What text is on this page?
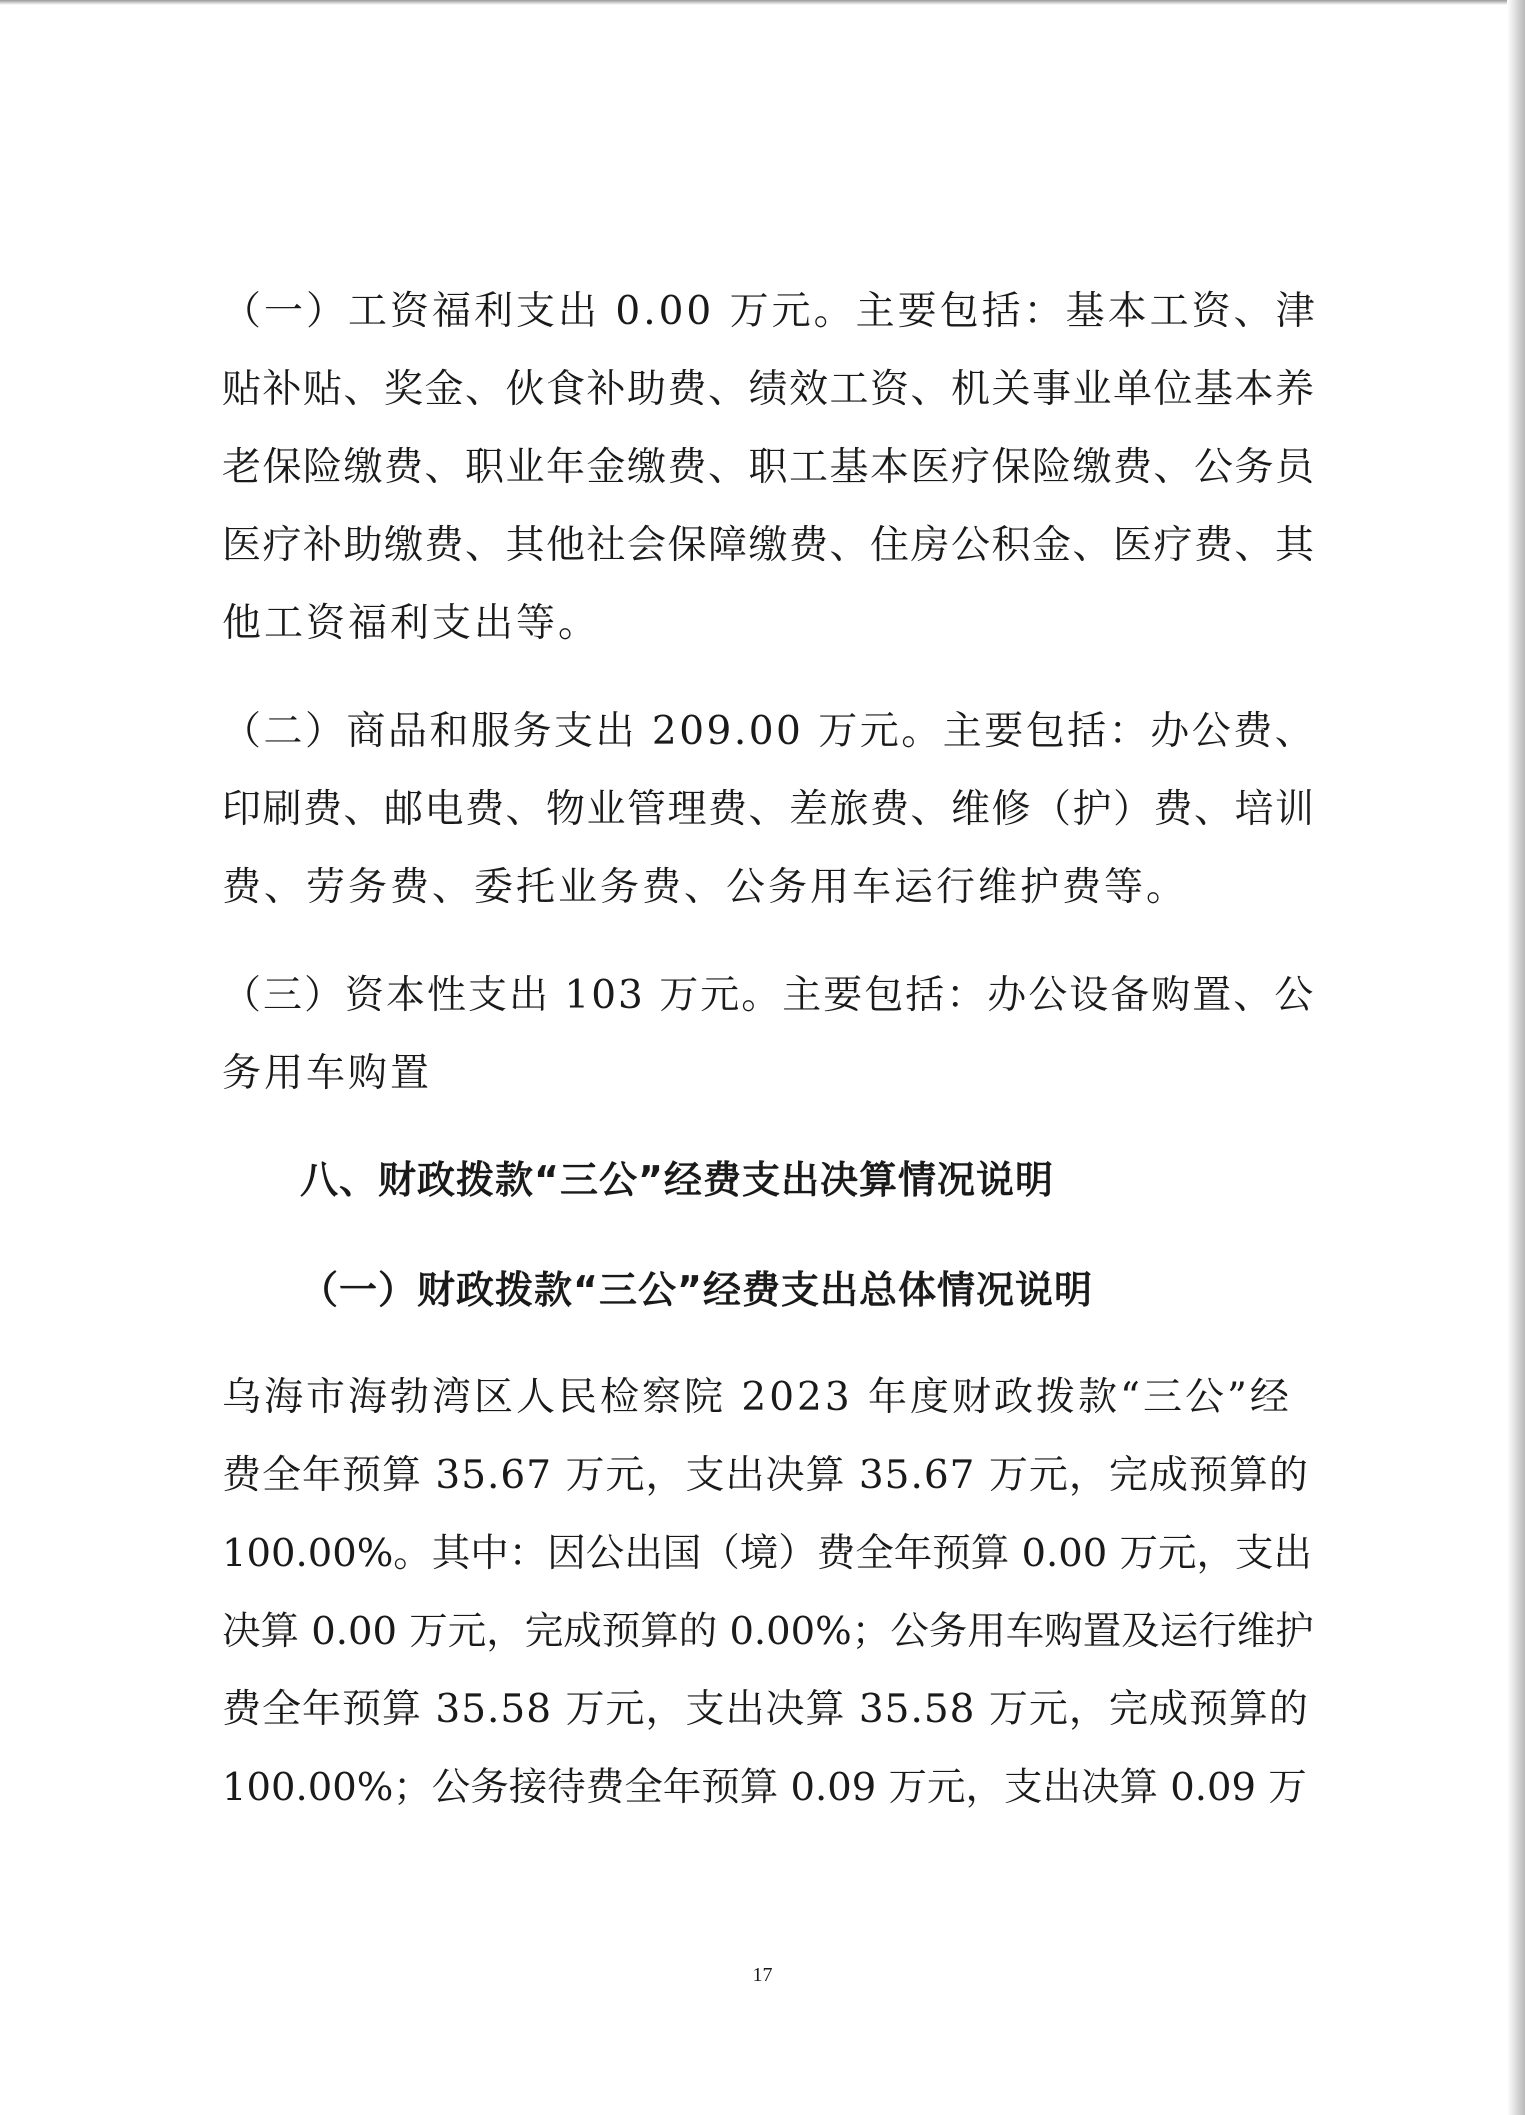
（一）工资福利支出 0.00 万元。主要包括：基本工资、津
贴补贴、奖金、伙食补助费、绩效工资、机关事业单位基本养
老保险缴费、职业年金缴费、职工基本医疗保险缴费、公务员
医疗补助缴费、其他社会保障缴费、住房公积金、医疗费、其
他工资福利支出等。
（二）商品和服务支出 209.00 万元。主要包括：办公费、
印刷费、邮电费、物业管理费、差旅费、维修（护）费、培训
费、劳务费、委托业务费、公务用车运行维护费等。
（三）资本性支出 103 万元。主要包括：办公设备购置、公
务用车购置
八、财政拨款“三公”经费支出决算情况说明
（一）财政拨款“三公”经费支出总体情况说明
乌海市海勃湾区人民检察院 2023 年度财政拨款“三公”经
费全年预算 35.67 万元，支出决算 35.67 万元，完成预算的
100.00%。其中：因公出国（境）费全年预算 0.00 万元，支出
决算 0.00 万元，完成预算的 0.00%；公务用车购置及运行维护
费全年预算 35.58 万元，支出决算 35.58 万元，完成预算的
100.00%；公务接待费全年预算 0.09 万元，支出决算 0.09 万
17
